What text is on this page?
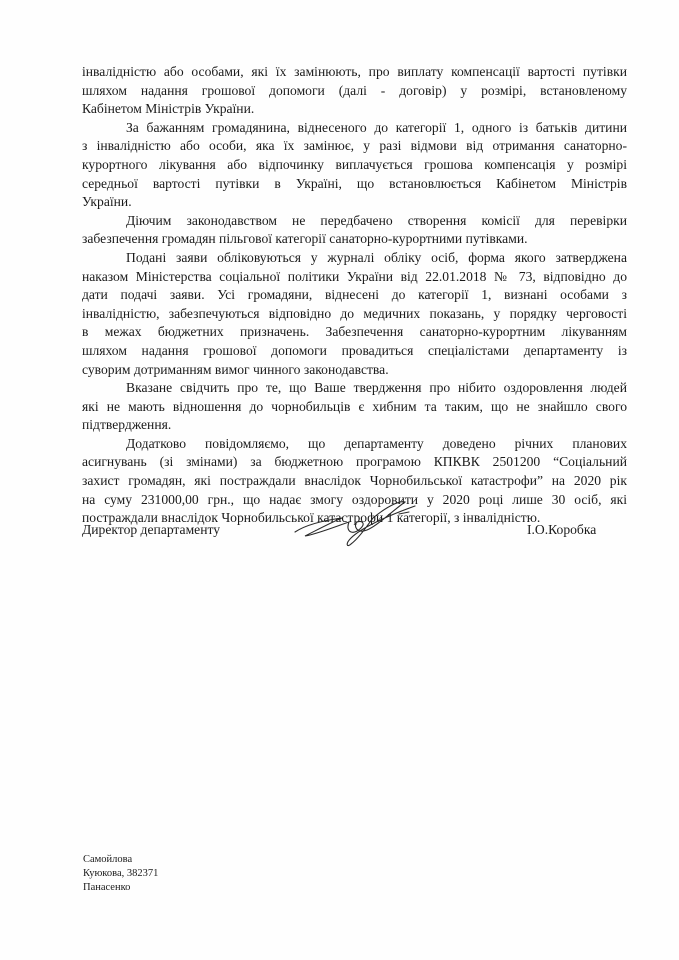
інвалідністю або особами, які їх замінюють, про виплату компенсації вартості путівки
шляхом надання грошової допомоги (далі - договір) у розмірі, встановленому
Кабінетом Міністрів України.
За бажанням громадянина, віднесеного до категорії 1, одного із батьків дитини
з інвалідністю або особи, яка їх замінює, у разі відмови від отримання санаторно-
курортного лікування або відпочинку виплачується грошова компенсація у розмірі
середньої вартості путівки в Україні, що встановлюється Кабінетом Міністрів
України.
Діючим законодавством не передбачено створення комісії для перевірки
забезпечення громадян пільгової категорії санаторно-курортними путівками.
Подані заяви обліковуються у журналі обліку осіб, форма якого затверджена
наказом Міністерства соціальної політики України від 22.01.2018 № 73, відповідно до
дати подачі заяви. Усі громадяни, віднесені до категорії 1, визнані особами з
інвалідністю, забезпечуються відповідно до медичних показань, у порядку черговості
в межах бюджетних призначень. Забезпечення санаторно-курортним лікуванням
шляхом надання грошової допомоги провадиться спеціалістами департаменту із
суворим дотриманням вимог чинного законодавства.
Вказане свідчить про те, що Ваше твердження про нібито оздоровлення людей
які не мають відношення до чорнобильців є хибним та таким, що не знайшло свого
підтвердження.
Додатково повідомляємо, що департаменту доведено річних планових
асигнувань (зі змінами) за бюджетною програмою КПКВК 2501200 “Соціальний
захист громадян, які постраждали внаслідок Чорнобильської катастрофи” на 2020 рік
на суму 231000,00 грн., що надає змогу оздоровити у 2020 році лише 30 осіб, які
постраждали внаслідок Чорнобильської катастрофи 1 категорії, з інвалідністю.
Директор департаменту	І.О.Коробка
Самойлова
Куюкова, 382371
Панасенко
